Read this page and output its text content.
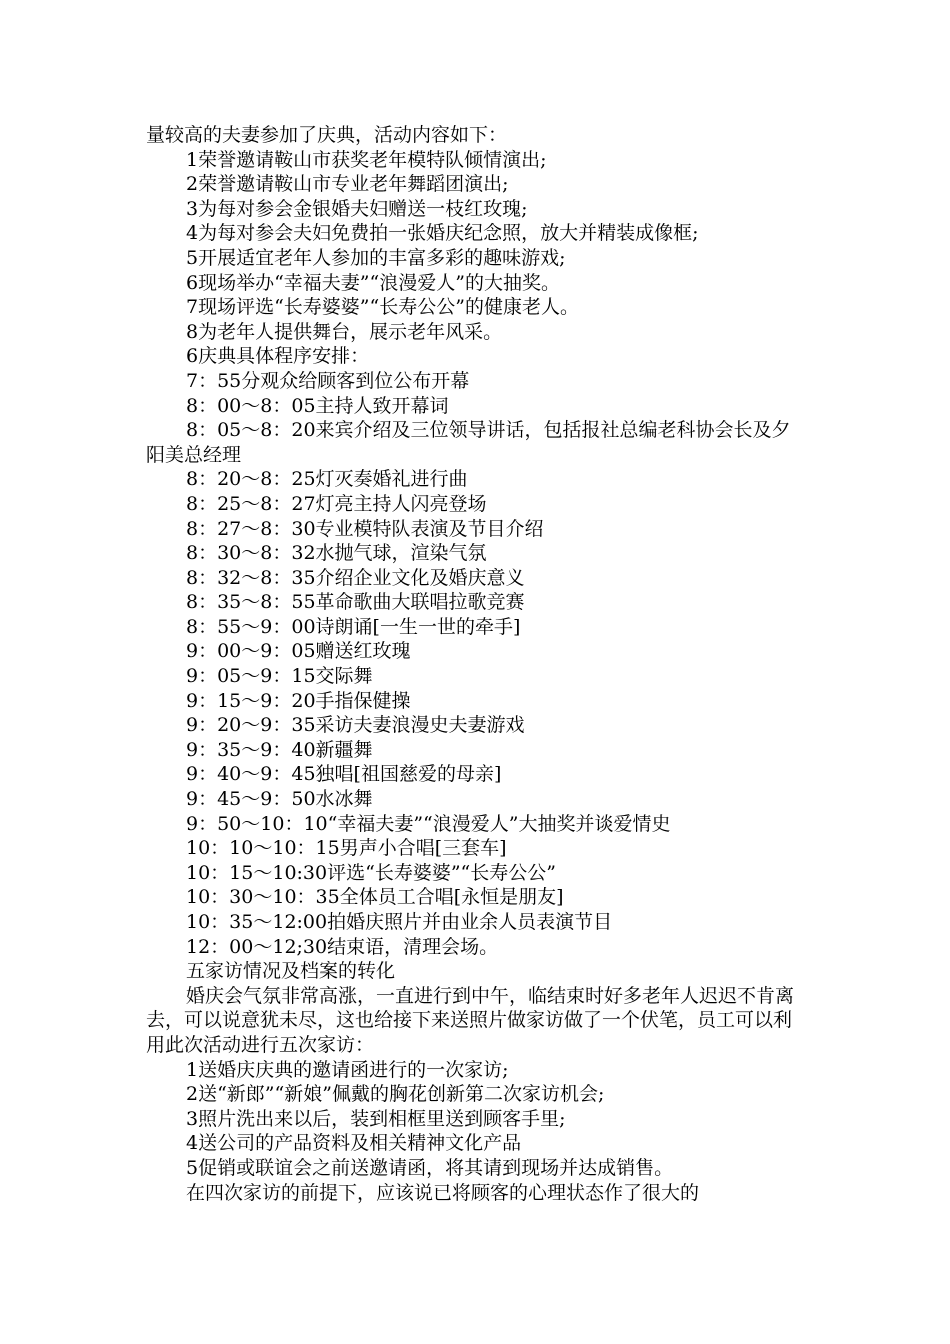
量较高的夫妻参加了庆典，活动内容如下：

1荣誉邀请鞍山市获奖老年模特队倾情演出;

2荣誉邀请鞍山市专业老年舞蹈团演出;

3为每对参会金银婚夫妇赠送一枝红玫瑰;

4为每对参会夫妇免费拍一张婚庆纪念照，放大并精装成像框;

5开展适宜老年人参加的丰富多彩的趣味游戏;

6现场举办“幸福夫妻”“浪漫爱人”的大抽奖。

7现场评选“长寿婆婆”“长寿公公”的健康老人。

8为老年人提供舞台，展示老年风采。

6庆典具体程序安排：

7：55分观众给顾客到位公布开幕

8：00～8：05主持人致开幕词

8：05～8：20来宾介绍及三位领导讲话，包括报社总编老科协会长及夕阳美总经理

8：20～8：25灯灭奏婚礼进行曲

8：25～8：27灯亮主持人闪亮登场

8：27～8：30专业模特队表演及节目介绍

8：30～8：32水抛气球，渲染气氛

8：32～8：35介绍企业文化及婚庆意义

8：35～8：55革命歌曲大联唱拉歌竞赛

8：55～9：00诗朗诵[一生一世的牵手]

9：00～9：05赠送红玫瑰

9：05～9：15交际舞

9：15～9：20手指保健操

9：20～9：35采访夫妻浪漫史夫妻游戏

9：35～9：40新疆舞

9：40～9：45独唱[祖国慈爱的母亲]

9：45～9：50水冰舞

9：50～10：10“幸福夫妻”“浪漫爱人”大抽奖并谈爱情史

10：10～10：15男声小合唱[三套车]

10：15～10:30评选“长寿婆婆”“长寿公公”

10：30～10：35全体员工合唱[永恒是朋友]

10：35～12:00拍婚庆照片并由业余人员表演节目

12：00～12;30结束语，清理会场。

五家访情况及档案的转化

婚庆会气氛非常高涨，一直进行到中午，临结束时好多老年人迟迟不肯离去，可以说意犹未尽，这也给接下来送照片做家访做了一个伏笔，员工可以利用此次活动进行五次家访：

1送婚庆庆典的邀请函进行的一次家访;

2送“新郎”“新娘”佩戴的胸花创新第二次家访机会;

3照片洗出来以后，装到相框里送到顾客手里;

4送公司的产品资料及相关精神文化产品

5促销或联谊会之前送邀请函，将其请到现场并达成销售。

在四次家访的前提下，应该说已将顾客的心理状态作了很大的
